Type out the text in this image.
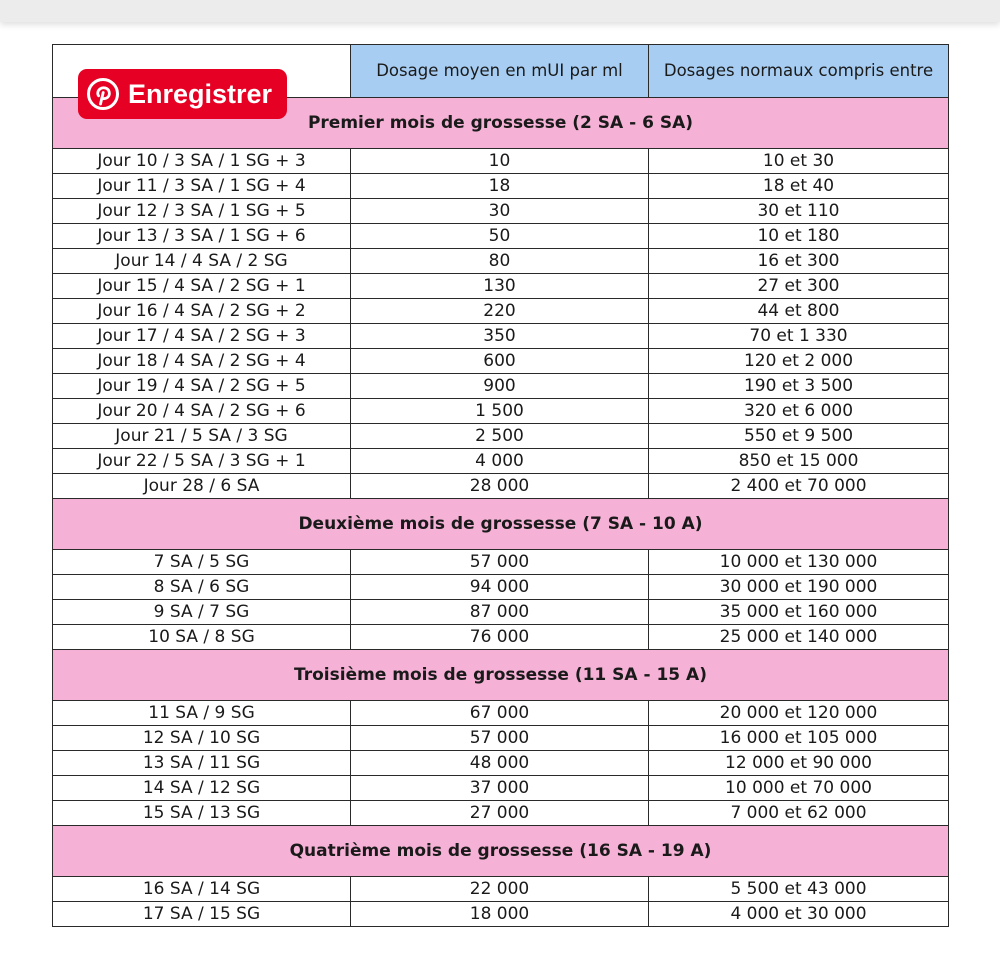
	Dosage moyen en mUI par ml	Dosages normaux compris entre
Premier mois de grossesse (2 SA - 6 SA)		
Jour 10 / 3 SA / 1 SG + 3	10	10 et 30
Jour 11 / 3 SA / 1 SG + 4	18	18 et 40
Jour 12 / 3 SA / 1 SG + 5	30	30 et 110
Jour 13 / 3 SA / 1 SG + 6	50	10 et 180
Jour 14 / 4 SA / 2 SG	80	16 et 300
Jour 15 / 4 SA / 2 SG + 1	130	27 et 300
Jour 16 / 4 SA / 2 SG + 2	220	44 et 800
Jour 17 / 4 SA / 2 SG + 3	350	70 et 1 330
Jour 18 / 4 SA / 2 SG + 4	600	120 et 2 000
Jour 19 / 4 SA / 2 SG + 5	900	190 et 3 500
Jour 20 / 4 SA / 2 SG + 6	1 500	320 et 6 000
Jour 21 / 5 SA / 3 SG	2 500	550 et 9 500
Jour 22 / 5 SA / 3 SG + 1	4 000	850 et 15 000
Jour 28 / 6 SA	28 000	2 400 et 70 000
Deuxième mois de grossesse (7 SA - 10 A)		
7 SA / 5 SG	57 000	10 000 et 130 000
8 SA / 6 SG	94 000	30 000 et 190 000
9 SA / 7 SG	87 000	35 000 et 160 000
10 SA / 8 SG	76 000	25 000 et 140 000
Troisième mois de grossesse (11 SA - 15 A)		
11 SA / 9 SG	67 000	20 000 et 120 000
12 SA / 10 SG	57 000	16 000 et 105 000
13 SA / 11 SG	48 000	12 000 et 90 000
14 SA / 12 SG	37 000	10 000 et 70 000
15 SA / 13 SG	27 000	7 000 et 62 000
Quatrième mois de grossesse (16 SA - 19 A)		
16 SA / 14 SG	22 000	5 500 et 43 000
17 SA / 15 SG	18 000	4 000 et 30 000
Enregistrer
